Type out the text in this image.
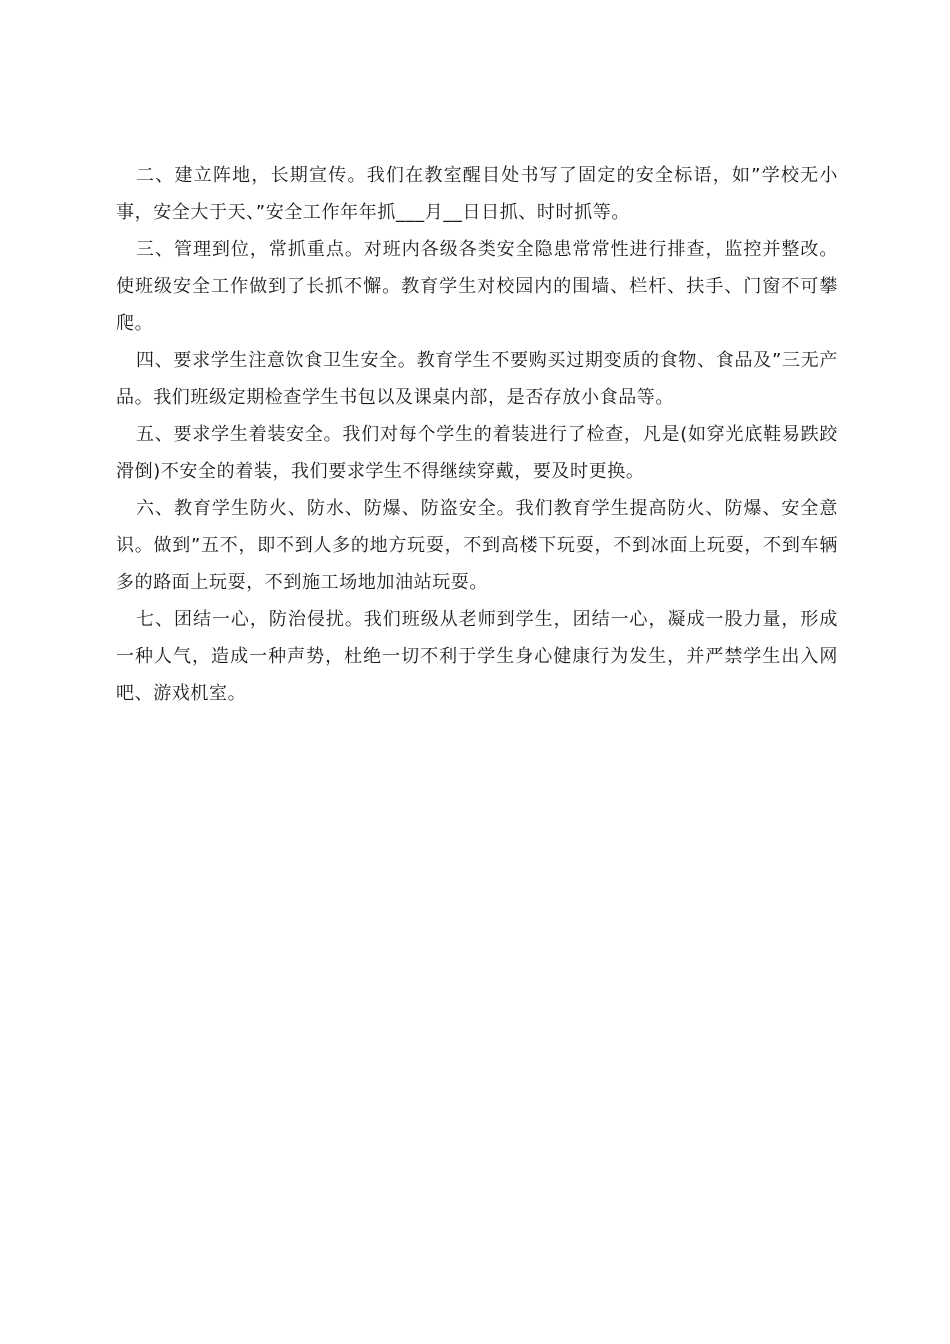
二、建立阵地，长期宣传。我们在教室醒目处书写了固定的安全标语，如”学校无小事，安全大于天、”安全工作年年抓___月__日日抓、时时抓等。

三、管理到位，常抓重点。对班内各级各类安全隐患常常性进行排查，监控并整改。使班级安全工作做到了长抓不懈。教育学生对校园内的围墙、栏杆、扶手、门窗不可攀爬。

四、要求学生注意饮食卫生安全。教育学生不要购买过期变质的食物、食品及”三无产品。我们班级定期检查学生书包以及课桌内部，是否存放小食品等。

五、要求学生着装安全。我们对每个学生的着装进行了检查，凡是(如穿光底鞋易跌跤滑倒)不安全的着装，我们要求学生不得继续穿戴，要及时更换。

六、教育学生防火、防水、防爆、防盗安全。我们教育学生提高防火、防爆、安全意识。做到”五不，即不到人多的地方玩耍，不到高楼下玩耍，不到冰面上玩耍，不到车辆多的路面上玩耍，不到施工场地加油站玩耍。

七、团结一心，防治侵扰。我们班级从老师到学生，团结一心，凝成一股力量，形成一种人气，造成一种声势，杜绝一切不利于学生身心健康行为发生，并严禁学生出入网吧、游戏机室。
